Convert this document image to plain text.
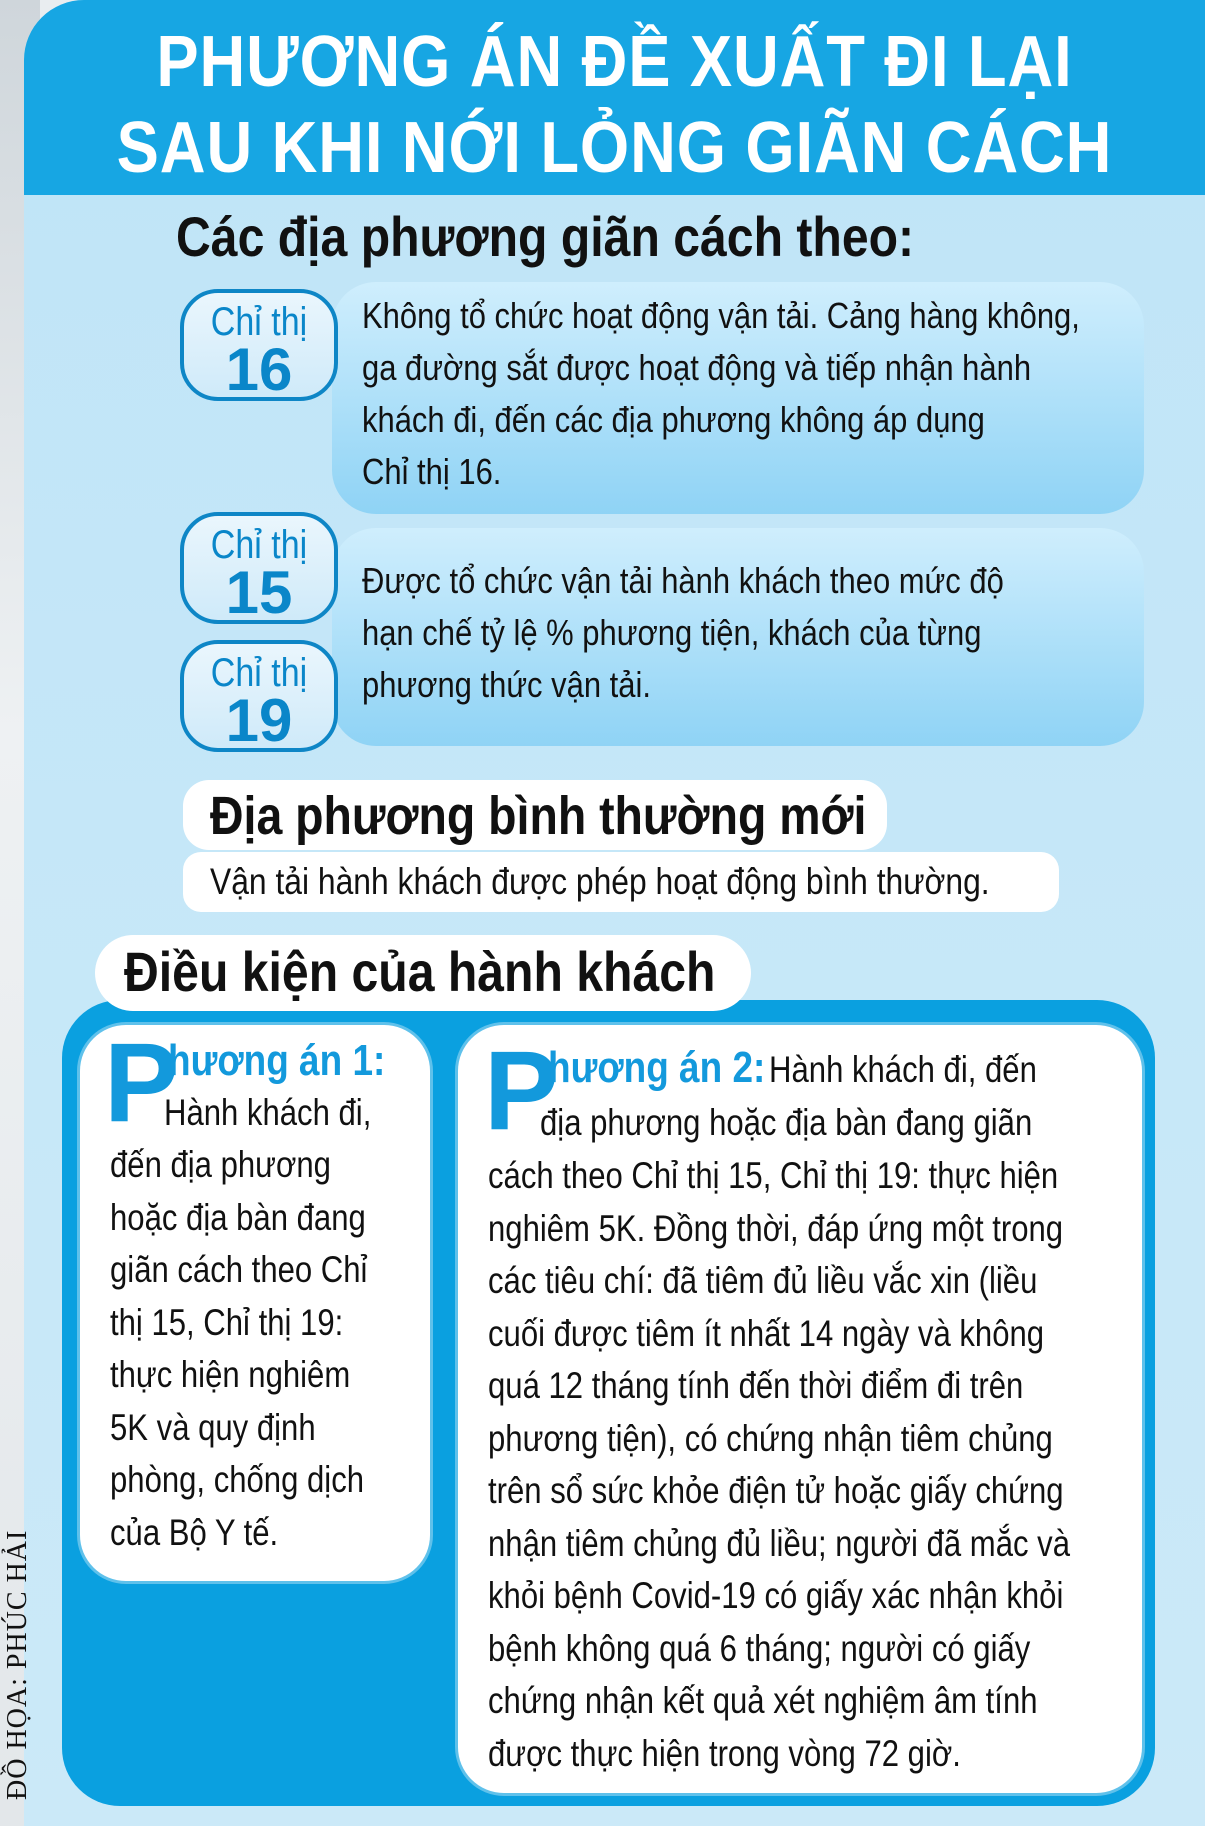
PHƯƠNG ÁN ĐỀ XUẤT ĐI LẠI
SAU KHI NỚI LỎNG GIÃN CÁCH
Các địa phương giãn cách theo:
Chỉ thị
16
Không tổ chức hoạt động vận tải. Cảng hàng không,
ga đường sắt được hoạt động và tiếp nhận hành
khách đi, đến các địa phương không áp dụng
Chỉ thị 16.
Chỉ thị
15
Chỉ thị
19
Được tổ chức vận tải hành khách theo mức độ
hạn chế tỷ lệ % phương tiện, khách của từng
phương thức vận tải.
Địa phương bình thường mới
Vận tải hành khách được phép hoạt động bình thường.
Điều kiện của hành khách
P
hương án 1:
Hành khách đi,
đến địa phương
hoặc địa bàn đang
giãn cách theo Chỉ
thị 15, Chỉ thị 19:
thực hiện nghiêm
5K và quy định
phòng, chống dịch
của Bộ Y tế.
P
hương án 2: Hành khách đi, đến
địa phương hoặc địa bàn đang giãn
cách theo Chỉ thị 15, Chỉ thị 19: thực hiện
nghiêm 5K. Đồng thời, đáp ứng một trong
các tiêu chí: đã tiêm đủ liều vắc xin (liều
cuối được tiêm ít nhất 14 ngày và không
quá 12 tháng tính đến thời điểm đi trên
phương tiện), có chứng nhận tiêm chủng
trên sổ sức khỏe điện tử hoặc giấy chứng
nhận tiêm chủng đủ liều; người đã mắc và
khỏi bệnh Covid-19 có giấy xác nhận khỏi
bệnh không quá 6 tháng; người có giấy
chứng nhận kết quả xét nghiệm âm tính
được thực hiện trong vòng 72 giờ.
ĐỒ HỌA: PHÚC HẢI
